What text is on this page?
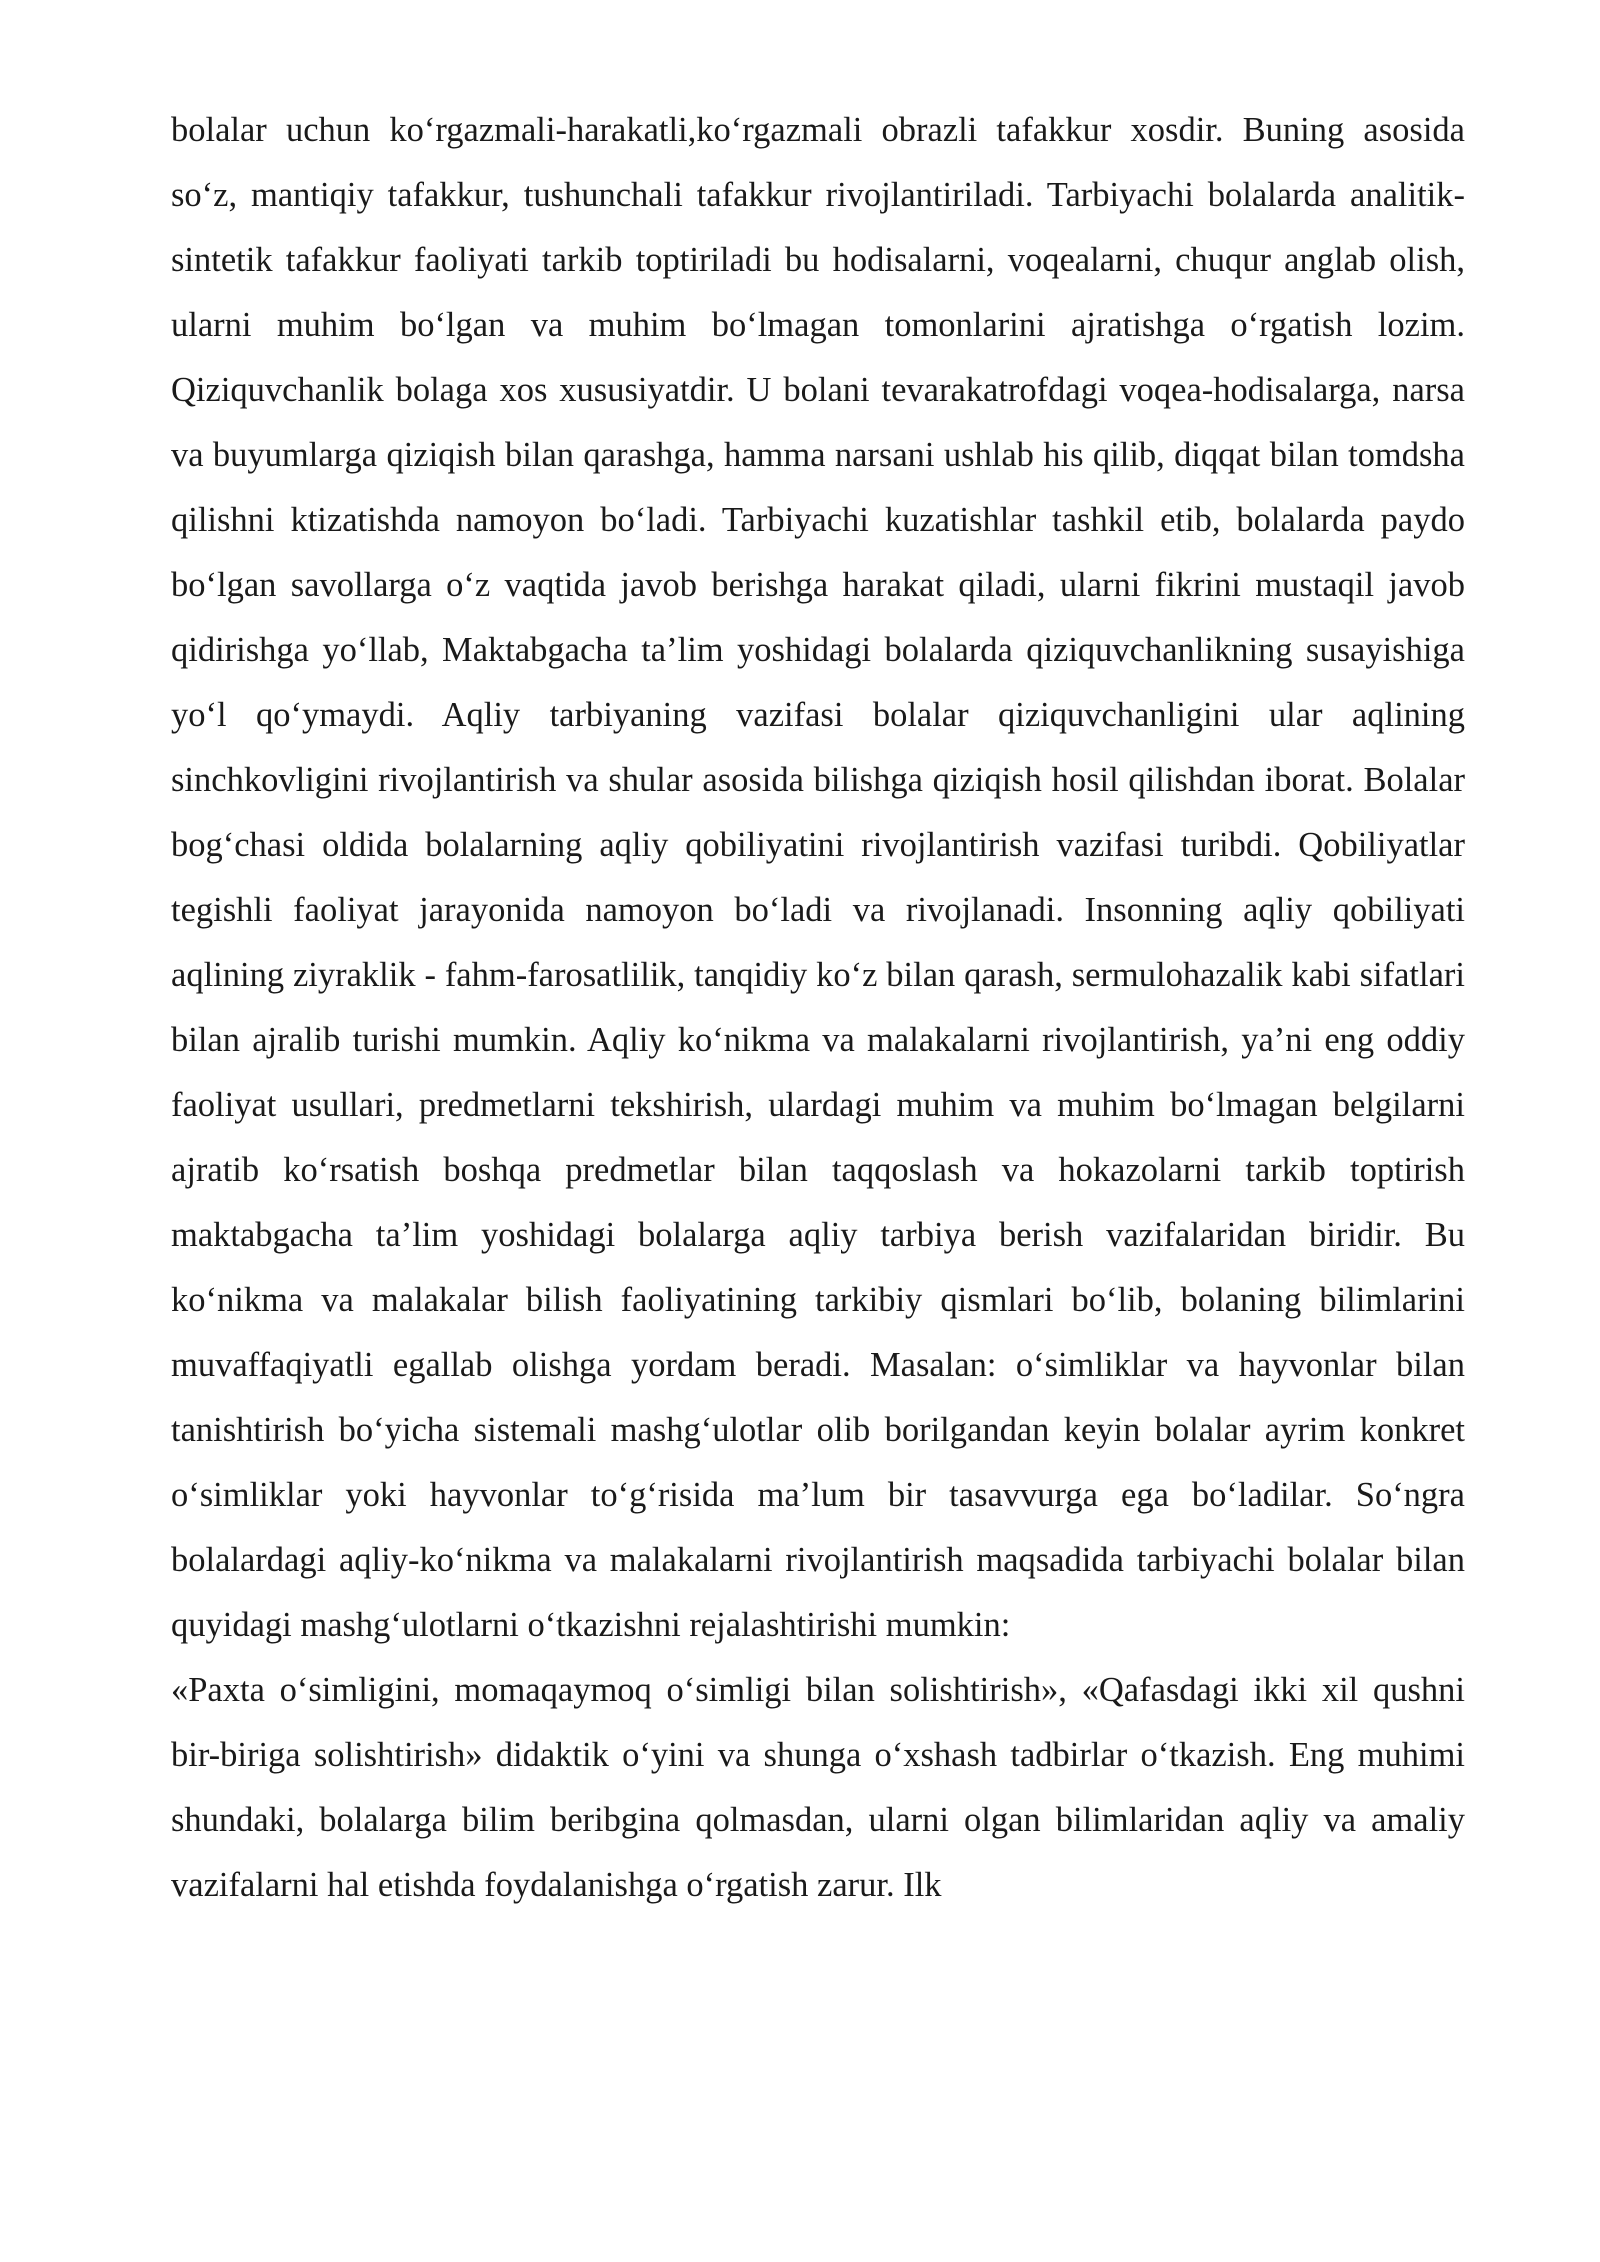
bolalar uchun ko‘rgazmali-harakatli,ko‘rgazmali obrazli tafakkur xosdir. Buning asosida so‘z, mantiqiy tafakkur, tushunchali tafakkur rivojlantiriladi. Tarbiyachi bolalarda analitik-sintetik tafakkur faoliyati tarkib toptiriladi bu hodisalarni, voqealarni, chuqur anglab olish, ularni muhim bo‘lgan va muhim bo‘lmagan tomonlarini ajratishga o‘rgatish lozim. Qiziquvchanlik bolaga xos xususiyatdir. U bolani tevarakatrofdagi voqea-hodisalarga, narsa va buyumlarga qiziqish bilan qarashga, hamma narsani ushlab his qilib, diqqat bilan tomdsha qilishni ktizatishda namoyon bo‘ladi. Tarbiyachi kuzatishlar tashkil etib, bolalarda paydo bo‘lgan savollarga o‘z vaqtida javob berishga harakat qiladi, ularni fikrini mustaqil javob qidirishga yo‘llab, Maktabgacha ta’lim yoshidagi bolalarda qiziquvchanlikning susayishiga yo‘l qo‘ymaydi. Aqliy tarbiyaning vazifasi bolalar qiziquvchanligini ular aqlining sinchkovligini rivojlantirish va shular asosida bilishga qiziqish hosil qilishdan iborat. Bolalar bog‘chasi oldida bolalarning aqliy qobiliyatini rivojlantirish vazifasi turibdi. Qobiliyatlar tegishli faoliyat jarayonida namoyon bo‘ladi va rivojlanadi. Insonning aqliy qobiliyati aqlining ziyraklik - fahm-farosatlilik, tanqidiy ko‘z bilan qarash, sermulohazalik kabi sifatlari bilan ajralib turishi mumkin. Aqliy ko‘nikma va malakalarni rivojlantirish, ya’ni eng oddiy faoliyat usullari, predmetlarni tekshirish, ulardagi muhim va muhim bo‘lmagan belgilarni ajratib ko‘rsatish boshqa predmetlar bilan taqqoslash va hokazolarni tarkib toptirish maktabgacha ta’lim yoshidagi bolalarga aqliy tarbiya berish vazifalaridan biridir. Bu ko‘nikma va malakalar bilish faoliyatining tarkibiy qismlari bo‘lib, bolaning bilimlarini muvaffaqiyatli egallab olishga yordam beradi. Masalan: o‘simliklar va hayvonlar bilan tanishtirish bo‘yicha sistemali mashg‘ulotlar olib borilgandan keyin bolalar ayrim konkret o‘simliklar yoki hayvonlar to‘g‘risida ma’lum bir tasavvurga ega bo‘ladilar. So‘ngra bolalardagi aqliy-ko‘nikma va malakalarni rivojlantirish maqsadida tarbiyachi bolalar bilan quyidagi mashg‘ulotlarni o‘tkazishni rejalashtirishi mumkin:

«Paxta o‘simligini, momaqaymoq o‘simligi bilan solishtirish», «Qafasdagi ikki xil qushni bir-biriga solishtirish» didaktik o‘yini va shunga o‘xshash tadbirlar o‘tkazish. Eng muhimi shundaki, bolalarga bilim beribgina qolmasdan, ularni olgan bilimlaridan aqliy va amaliy vazifalarni hal etishda foydalanishga o‘rgatish zarur. Ilk
